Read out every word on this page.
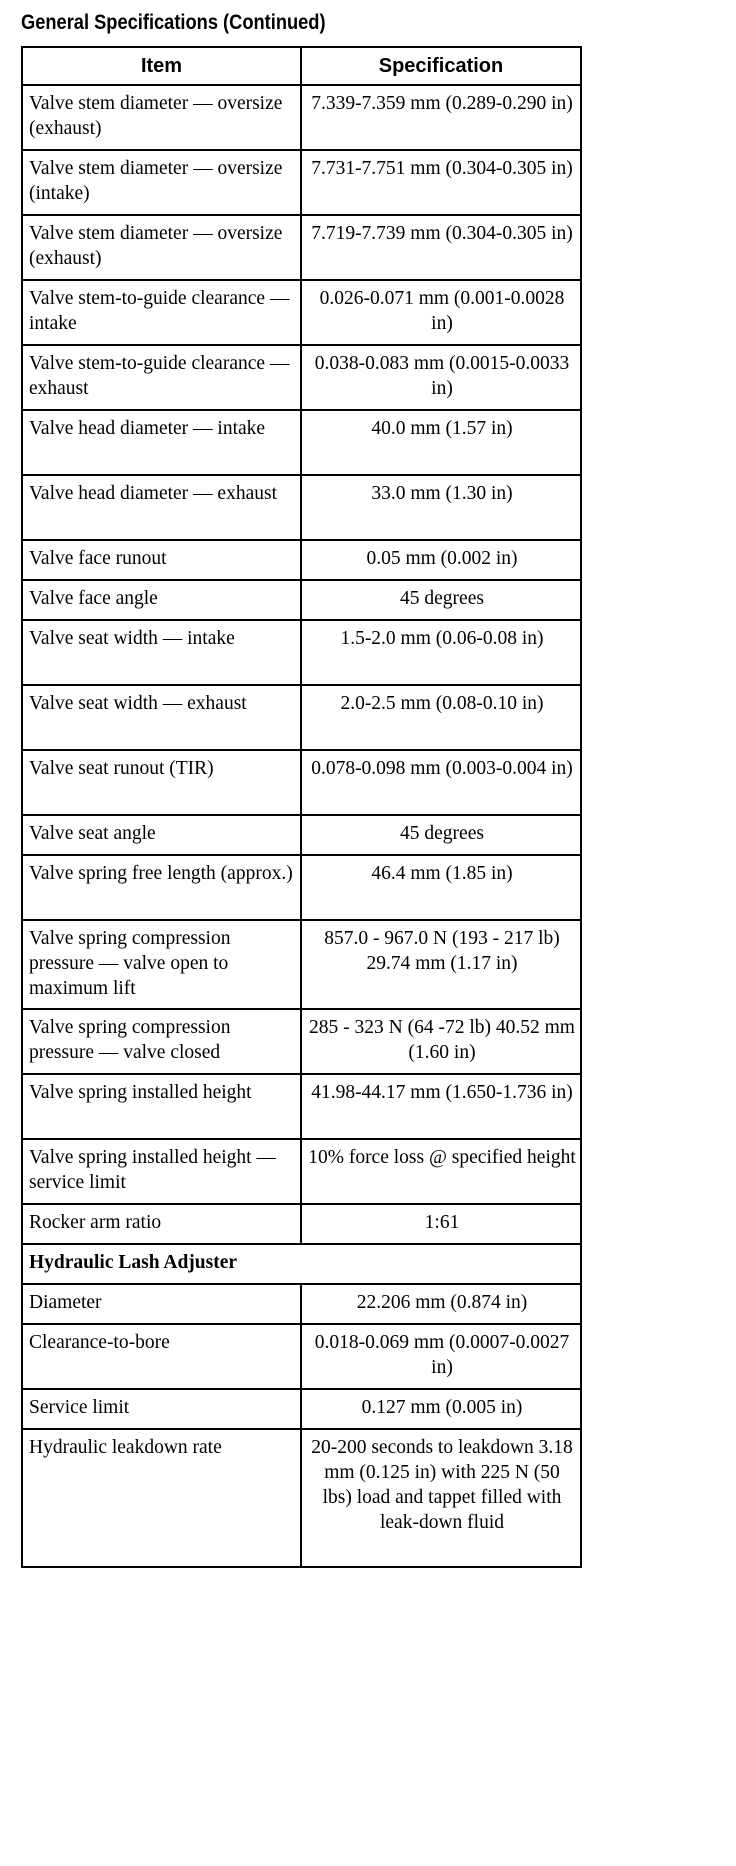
General Specifications (Continued)
Item	Specification
Valve stem diameter — oversize (exhaust)	7.339-7.359 mm (0.289-0.290 in)
Valve stem diameter — oversize (intake)	7.731-7.751 mm (0.304-0.305 in)
Valve stem diameter — oversize (exhaust)	7.719-7.739 mm (0.304-0.305 in)
Valve stem-to-guide clearance — intake	0.026-0.071 mm (0.001-0.0028 in)
Valve stem-to-guide clearance — exhaust	0.038-0.083 mm (0.0015-0.0033 in)
Valve head diameter — intake	40.0 mm (1.57 in)
Valve head diameter — exhaust	33.0 mm (1.30 in)
Valve face runout	0.05 mm (0.002 in)
Valve face angle	45 degrees
Valve seat width — intake	1.5-2.0 mm (0.06-0.08 in)
Valve seat width — exhaust	2.0-2.5 mm (0.08-0.10 in)
Valve seat runout (TIR)	0.078-0.098 mm (0.003-0.004 in)
Valve seat angle	45 degrees
Valve spring free length (approx.)	46.4 mm (1.85 in)
Valve spring compression pressure — valve open to maximum lift	857.0 - 967.0 N (193 - 217 lb) 29.74 mm (1.17 in)
Valve spring compression pressure — valve closed	285 - 323 N (64 -72 lb) 40.52 mm (1.60 in)
Valve spring installed height	41.98-44.17 mm (1.650-1.736 in)
Valve spring installed height — service limit	10% force loss @ specified height
Rocker arm ratio	1:61
Hydraulic Lash Adjuster	
Diameter	22.206 mm (0.874 in)
Clearance-to-bore	0.018-0.069 mm (0.0007-0.0027 in)
Service limit	0.127 mm (0.005 in)
Hydraulic leakdown rate	20-200 seconds to leakdown 3.18 mm (0.125 in) with 225 N (50 lbs) load and tappet filled with leak-down fluid
